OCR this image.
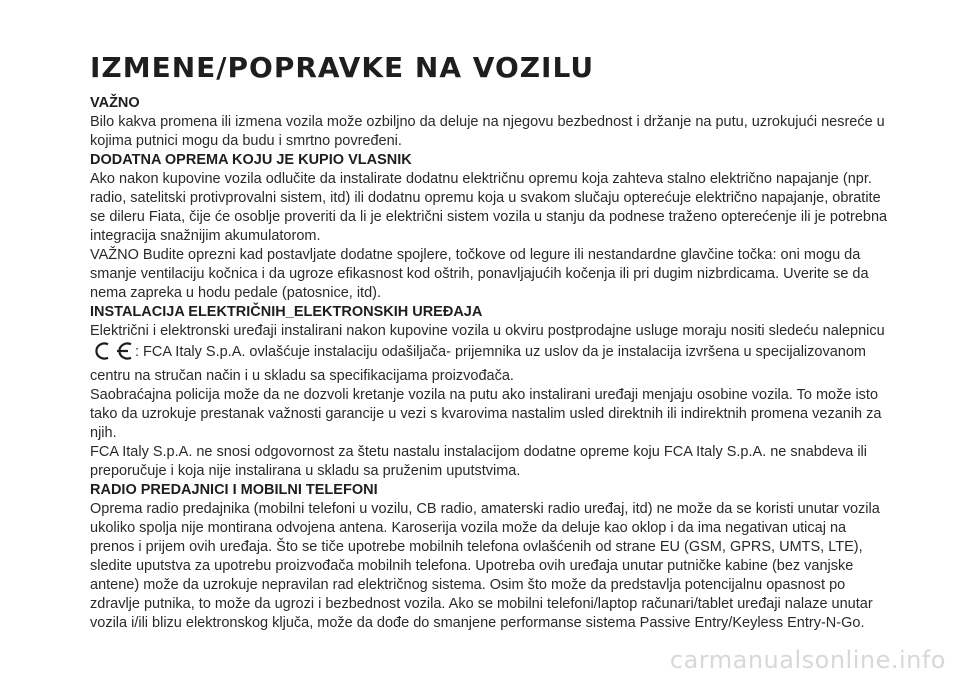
IZMENE/POPRAVKE NA VOZILU
VAŽNO

Bilo kakva promena ili izmena vozila može ozbiljno da deluje na njegovu bezbednost i držanje na putu, uzrokujući nesreće u kojima putnici mogu da budu i smrtno povređeni.

DODATNA OPREMA KOJU JE KUPIO VLASNIK

Ako nakon kupovine vozila odlučite da instalirate dodatnu električnu opremu koja zahteva stalno električno napajanje (npr. radio, satelitski protivprovalni sistem, itd) ili dodatnu opremu koja u svakom slučaju opterećuje električno napajanje, obratite se dileru Fiata, čije će osoblje proveriti da li je električni sistem vozila u stanju da podnese traženo opterećenje ili je potrebna integracija snažnijim akumulatorom.

VAŽNO Budite oprezni kad postavljate dodatne spojlere, točkove od legure ili nestandardne glavčine točka: oni mogu da smanje ventilaciju kočnica i da ugroze efikasnost kod oštrih, ponavljajućih kočenja ili pri dugim nizbrdicama. Uverite se da nema zapreka u hodu pedale (patosnice, itd).

INSTALACIJA ELEKTRIČNIH_ELEKTRONSKIH UREĐAJA

Električni i elektronski uređaji instalirani nakon kupovine vozila u okviru postprodajne usluge moraju nositi sledeću nalepnicu

: FCA Italy S.p.A. ovlašćuje instalaciju odašiljača- prijemnika uz uslov da je instalacija izvršena u specijalizovanom centru na stručan način i u skladu sa specifikacijama proizvođača.

Saobraćajna policija može da ne dozvoli kretanje vozila na putu ako instalirani uređaji menjaju osobine vozila. To može isto tako da uzrokuje prestanak važnosti garancije u vezi s kvarovima nastalim usled direktnih ili indirektnih promena vezanih za njih.

FCA Italy S.p.A. ne snosi odgovornost za štetu nastalu instalacijom dodatne opreme koju FCA Italy S.p.A. ne snabdeva ili preporučuje i koja nije instalirana u skladu sa pruženim uputstvima.

RADIO PREDAJNICI I MOBILNI TELEFONI

Oprema radio predajnika (mobilni telefoni u vozilu, CB radio, amaterski radio uređaj, itd) ne može da se koristi unutar vozila ukoliko spolja nije montirana odvojena antena. Karoserija vozila može da deluje kao oklop i da ima negativan uticaj na prenos i prijem ovih uređaja. Što se tiče upotrebe mobilnih telefona ovlašćenih od strane EU (GSM, GPRS, UMTS, LTE), sledite uputstva za upotrebu proizvođača mobilnih telefona. Upotreba ovih uređaja unutar putničke kabine (bez vanjske antene) može da uzrokuje nepravilan rad električnog sistema. Osim što može da predstavlja potencijalnu opasnost po zdravlje putnika, to može da ugrozi i bezbednost vozila. Ako se mobilni telefoni/laptop računari/tablet uređaji nalaze unutar vozila i/ili blizu elektronskog ključa, može da dođe do smanjene performanse sistema Passive Entry/Keyless Entry-N-Go.

carmanualsonline.info
